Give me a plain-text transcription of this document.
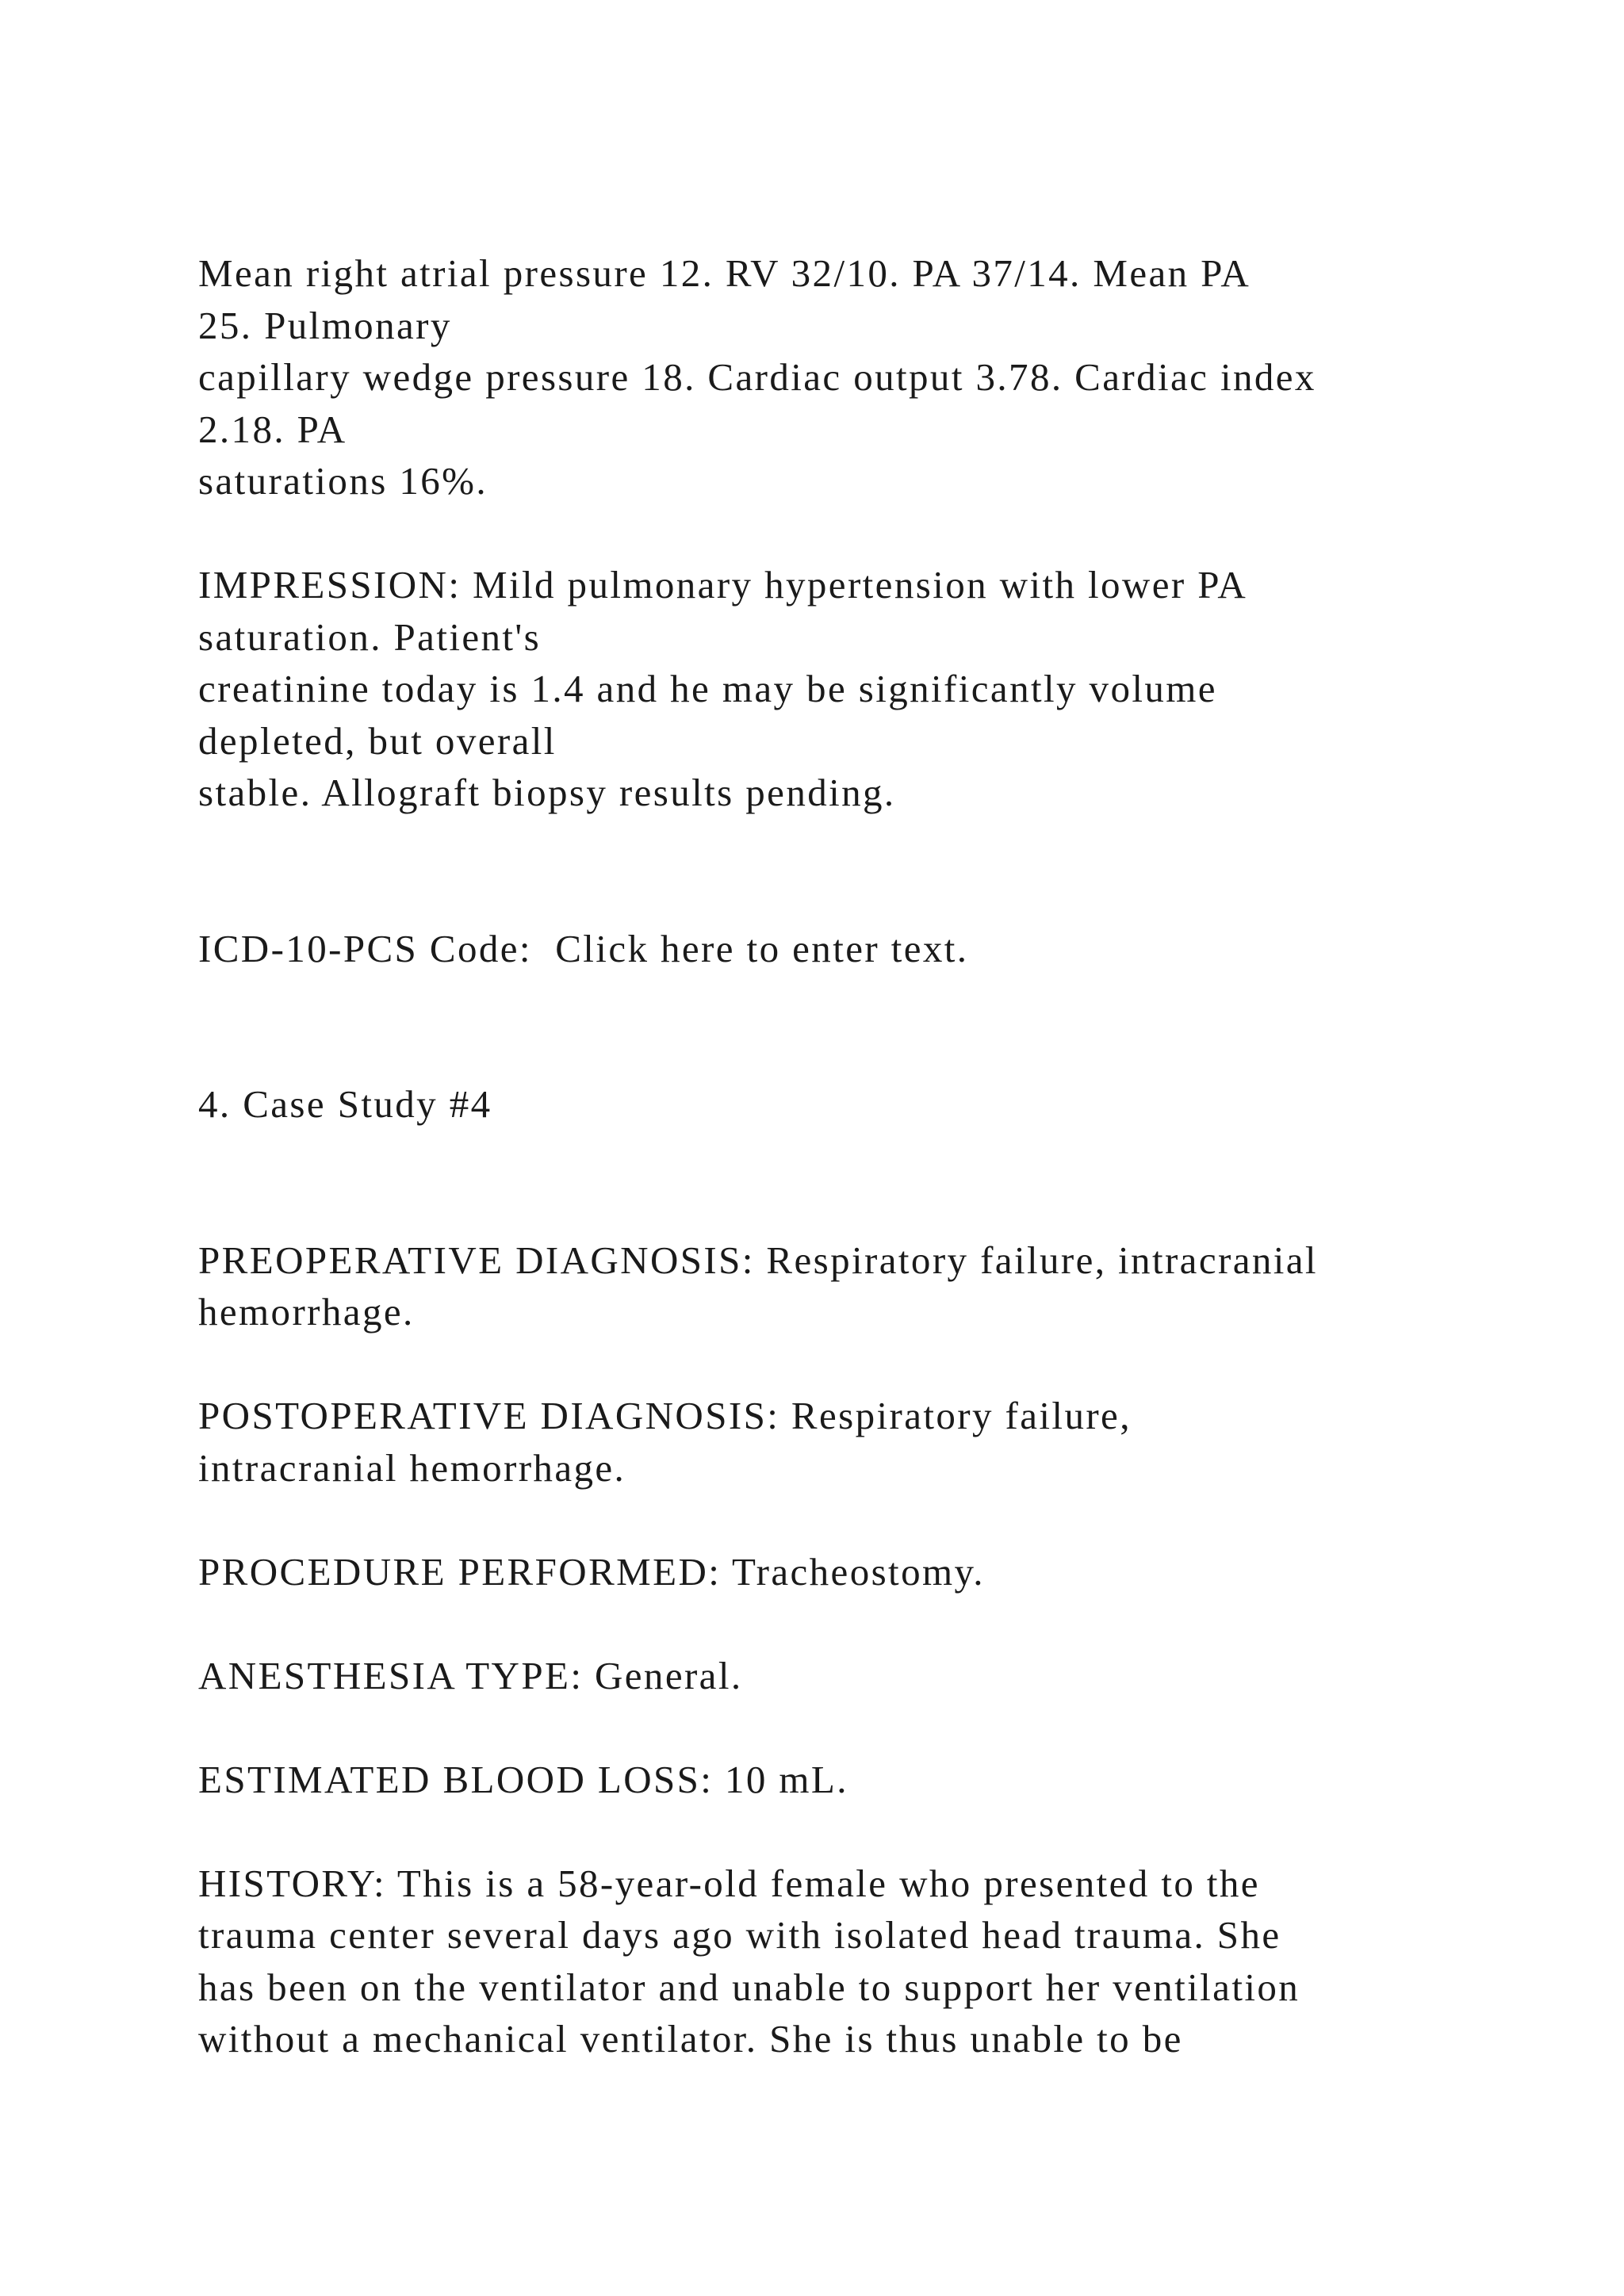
Mean right atrial pressure 12. RV 32/10. PA 37/14. Mean PA
25. Pulmonary
capillary wedge pressure 18. Cardiac output 3.78. Cardiac index
2.18. PA
saturations 16%.
IMPRESSION: Mild pulmonary hypertension with lower PA
saturation. Patient's
creatinine today is 1.4 and he may be significantly volume
depleted, but overall
stable. Allograft biopsy results pending.
ICD-10-PCS Code:  Click here to enter text.
4. Case Study #4
PREOPERATIVE DIAGNOSIS: Respiratory failure, intracranial
hemorrhage.
POSTOPERATIVE DIAGNOSIS: Respiratory failure,
intracranial hemorrhage.
PROCEDURE PERFORMED: Tracheostomy.
ANESTHESIA TYPE: General.
ESTIMATED BLOOD LOSS: 10 mL.
HISTORY: This is a 58-year-old female who presented to the
trauma center several days ago with isolated head trauma. She
has been on the ventilator and unable to support her ventilation
without a mechanical ventilator. She is thus unable to be
